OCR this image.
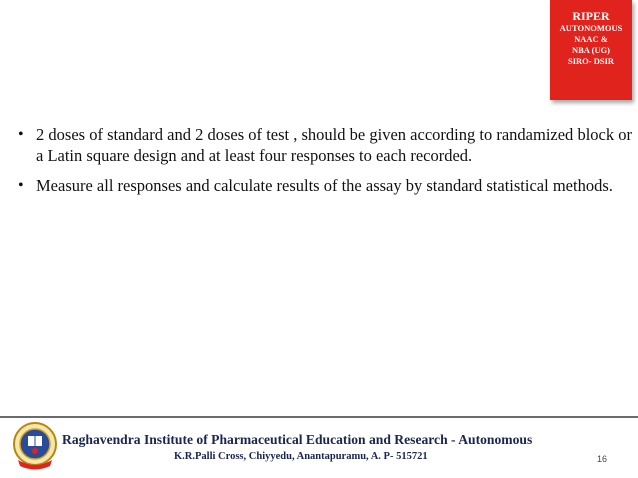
RIPER
AUTONOMOUS
NAAC &
NBA (UG)
SIRO- DSIR
• 2 doses of standard and 2 doses of test , should be given according to randamized block or a Latin square design and at least four responses to each recorded.
• Measure all responses and calculate results of the assay by standard statistical methods.
Raghavendra Institute of Pharmaceutical Education and Research - Autonomous
K.R.Palli Cross, Chiyyedu, Anantapuramu, A. P- 515721	16
